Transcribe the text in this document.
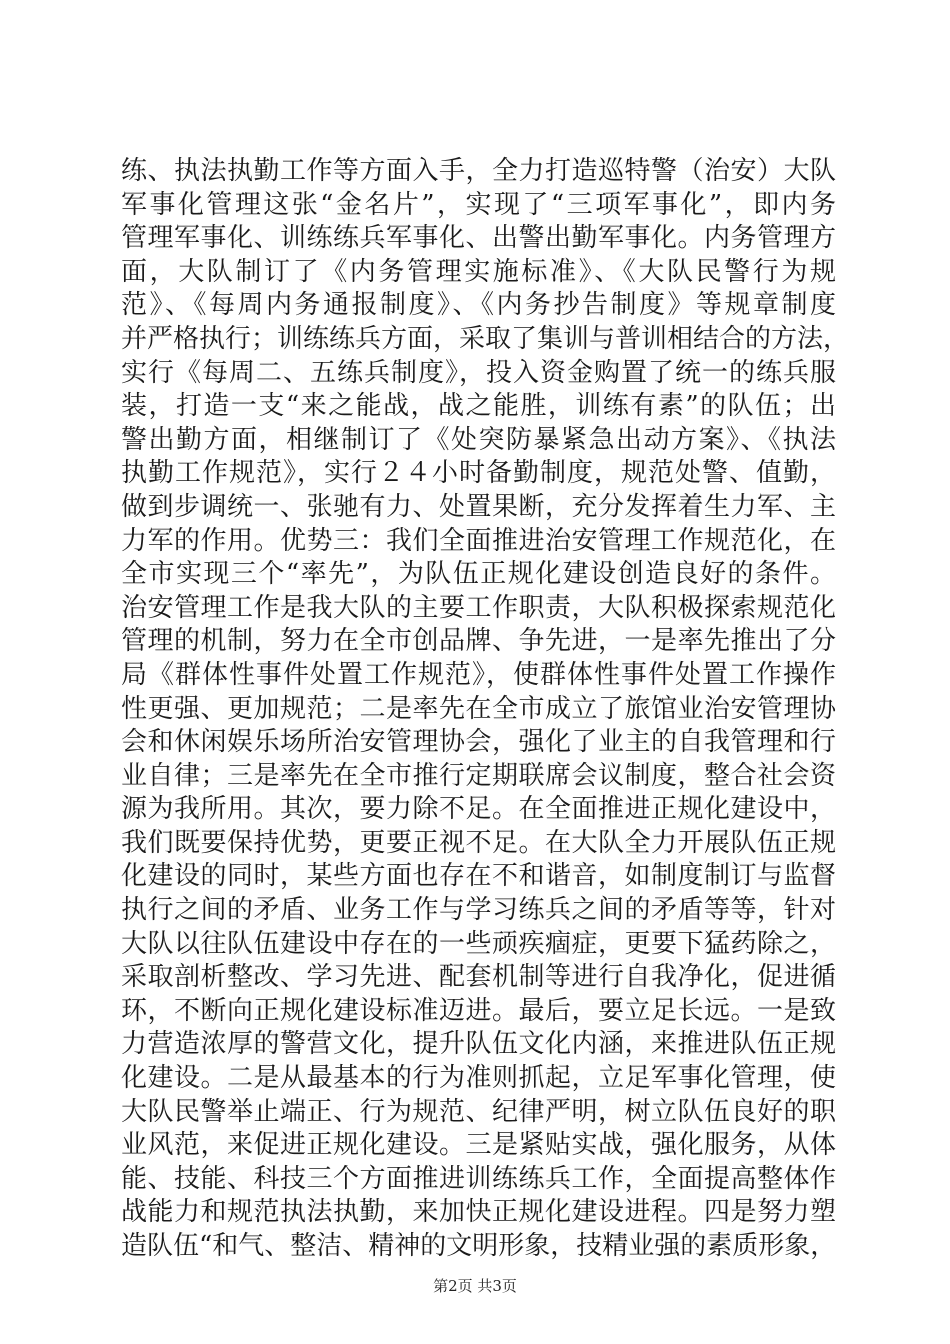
练、执法执勤工作等方面入手，全力打造巡特警（治安）大队
军事化管理这张“金名片”，实现了“三项军事化”，即内务
管理军事化、训练练兵军事化、出警出勤军事化。内务管理方
面，大队制订了《内务管理实施标准》、《大队民警行为规
范》、《每周内务通报制度》、《内务抄告制度》等规章制度
并严格执行；训练练兵方面，采取了集训与普训相结合的方法，
实行《每周二、五练兵制度》，投入资金购置了统一的练兵服
装，打造一支“来之能战，战之能胜，训练有素”的队伍；出
警出勤方面，相继制订了《处突防暴紧急出动方案》、《执法
执勤工作规范》，实行２４小时备勤制度，规范处警、值勤，
做到步调统一、张驰有力、处置果断，充分发挥着生力军、主
力军的作用。优势三：我们全面推进治安管理工作规范化，在
全市实现三个“率先”，为队伍正规化建设创造良好的条件。
治安管理工作是我大队的主要工作职责，大队积极探索规范化
管理的机制，努力在全市创品牌、争先进，一是率先推出了分
局《群体性事件处置工作规范》，使群体性事件处置工作操作
性更强、更加规范；二是率先在全市成立了旅馆业治安管理协
会和休闲娱乐场所治安管理协会，强化了业主的自我管理和行
业自律；三是率先在全市推行定期联席会议制度，整合社会资
源为我所用。其次，要力除不足。在全面推进正规化建设中，
我们既要保持优势，更要正视不足。在大队全力开展队伍正规
化建设的同时，某些方面也存在不和谐音，如制度制订与监督
执行之间的矛盾、业务工作与学习练兵之间的矛盾等等，针对
大队以往队伍建设中存在的一些顽疾痼症，更要下猛药除之，
采取剖析整改、学习先进、配套机制等进行自我净化，促进循
环，不断向正规化建设标准迈进。最后，要立足长远。一是致
力营造浓厚的警营文化，提升队伍文化内涵，来推进队伍正规
化建设。二是从最基本的行为准则抓起，立足军事化管理，使
大队民警举止端正、行为规范、纪律严明，树立队伍良好的职
业风范，来促进正规化建设。三是紧贴实战，强化服务，从体
能、技能、科技三个方面推进训练练兵工作，全面提高整体作
战能力和规范执法执勤，来加快正规化建设进程。四是努力塑
造队伍“和气、整洁、精神的文明形象，技精业强的素质形象，
第2页 共3页
